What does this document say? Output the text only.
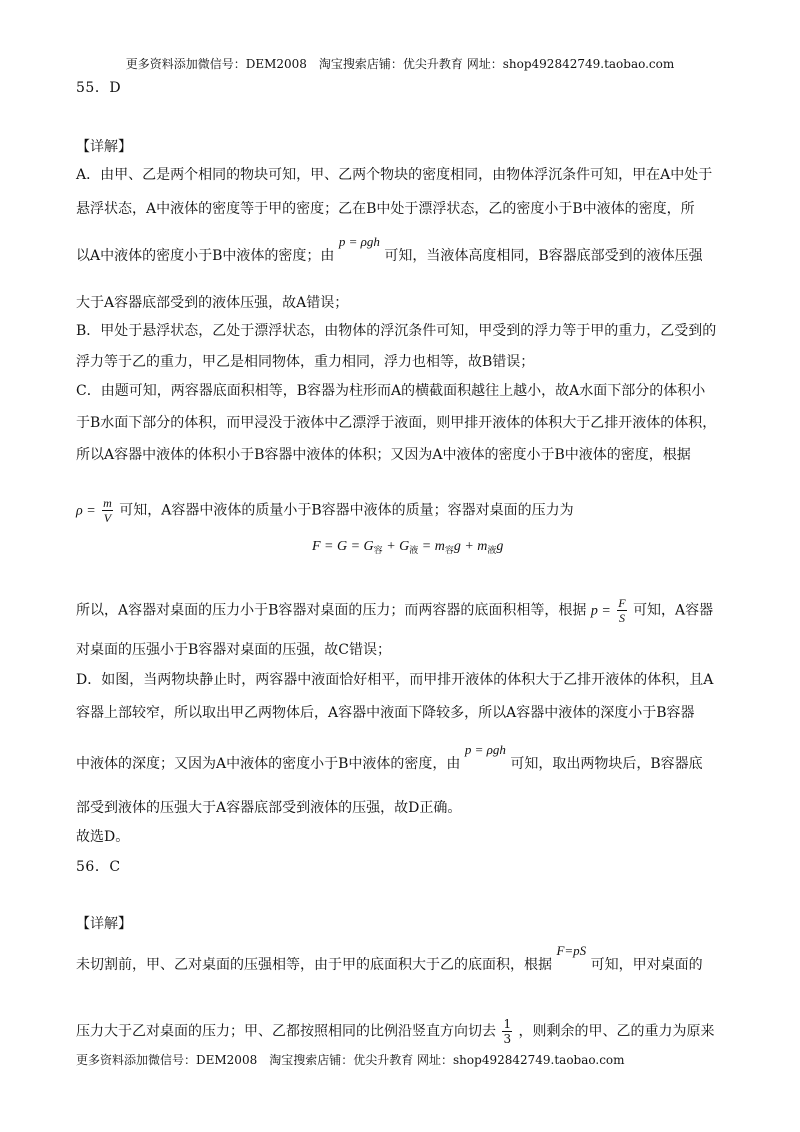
更多资料添加微信号：DEM2008　淘宝搜索店铺：优尖升教育 网址：shop492842749.taobao.com
55．D
【详解】
A．由甲、乙是两个相同的物块可知，甲、乙两个物块的密度相同，由物体浮沉条件可知，甲在A中处于
悬浮状态，A中液体的密度等于甲的密度；乙在B中处于漂浮状态，乙的密度小于B中液体的密度，所
以A中液体的密度小于B中液体的密度；由 p = ρgh 可知，当液体高度相同，B容器底部受到的液体压强
大于A容器底部受到的液体压强，故A错误；
B．甲处于悬浮状态，乙处于漂浮状态，由物体的浮沉条件可知，甲受到的浮力等于甲的重力，乙受到的
浮力等于乙的重力，甲乙是相同物体，重力相同，浮力也相等，故B错误；
C．由题可知，两容器底面积相等，B容器为柱形而A的横截面积越往上越小，故A水面下部分的体积小
于B水面下部分的体积，而甲浸没于液体中乙漂浮于液面，则甲排开液体的体积大于乙排开液体的体积，
所以A容器中液体的体积小于B容器中液体的体积；又因为A中液体的密度小于B中液体的密度，根据
$\rho = \frac{m}{V}$ 可知，A容器中液体的质量小于B容器中液体的质量；容器对桌面的压力为
$F = G = G_容 + G_液 = m_容g + m_液g$
所以，A容器对桌面的压力小于B容器对桌面的压力；而两容器的底面积相等，根据 $p = \frac{F}{S}$ 可知，A容器
对桌面的压强小于B容器对桌面的压强，故C错误；
D．如图，当两物块静止时，两容器中液面恰好相平，而甲排开液体的体积大于乙排开液体的体积，且A
容器上部较窄，所以取出甲乙两物体后，A容器中液面下降较多，所以A容器中液体的深度小于B容器
中液体的深度；又因为A中液体的密度小于B中液体的密度，由 p = ρgh 可知，取出两物块后，B容器底
部受到液体的压强大于A容器底部受到液体的压强，故D正确。
故选D。
56．C
【详解】
未切割前，甲、乙对桌面的压强相等，由于甲的底面积大于乙的底面积，根据 F=pS 可知，甲对桌面的
压力大于乙对桌面的压力；甲、乙都按照相同的比例沿竖直方向切去 $\frac{1}{3}$ ，则剩余的甲、乙的重力为原来
更多资料添加微信号：DEM2008　淘宝搜索店铺：优尖升教育 网址：shop492842749.taobao.com
